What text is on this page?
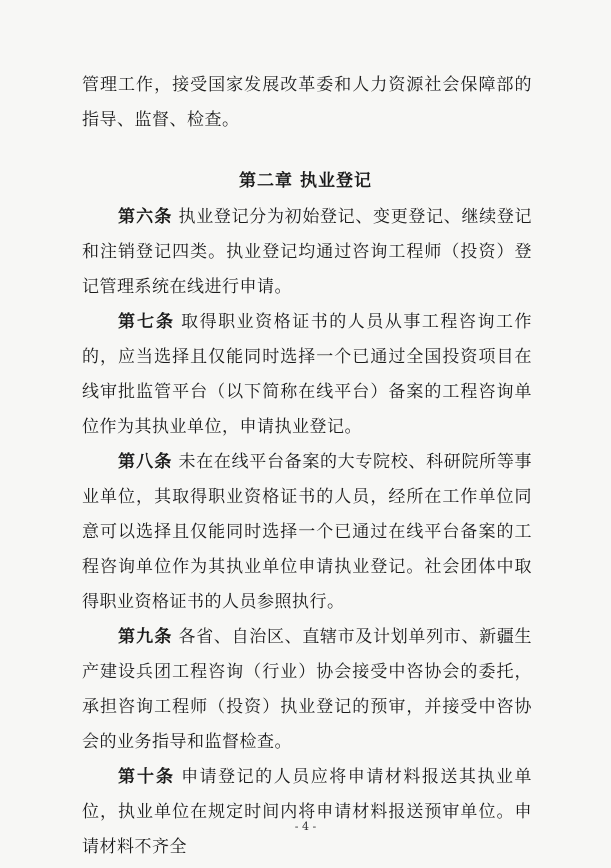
管理工作，接受国家发展改革委和人力资源社会保障部的指导、监督、检查。

第二章 执业登记

第六条 执业登记分为初始登记、变更登记、继续登记和注销登记四类。执业登记均通过咨询工程师（投资）登记管理系统在线进行申请。

第七条 取得职业资格证书的人员从事工程咨询工作的，应当选择且仅能同时选择一个已通过全国投资项目在线审批监管平台（以下简称在线平台）备案的工程咨询单位作为其执业单位，申请执业登记。

第八条 未在在线平台备案的大专院校、科研院所等事业单位，其取得职业资格证书的人员，经所在工作单位同意可以选择且仅能同时选择一个已通过在线平台备案的工程咨询单位作为其执业单位申请执业登记。社会团体中取得职业资格证书的人员参照执行。

第九条 各省、自治区、直辖市及计划单列市、新疆生产建设兵团工程咨询（行业）协会接受中咨协会的委托，承担咨询工程师（投资）执业登记的预审，并接受中咨协会的业务指导和监督检查。

第十条 申请登记的人员应将申请材料报送其执业单位，执业单位在规定时间内将申请材料报送预审单位。申请材料不齐全

- 4 -
